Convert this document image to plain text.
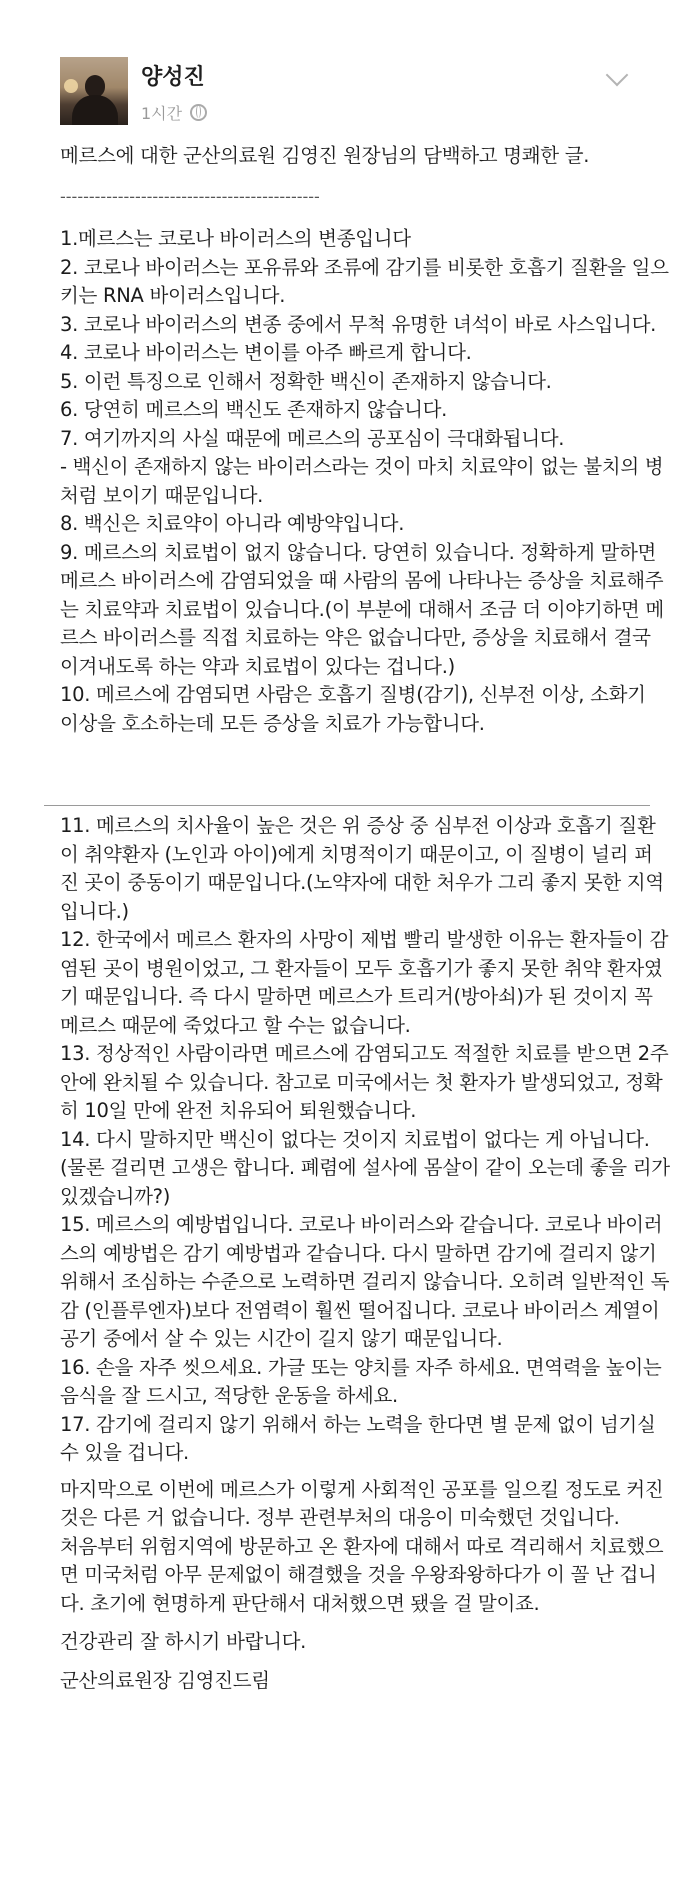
양성진
1시간

메르스에 대한 군산의료원 김영진 원장님의 담백하고 명쾌한 글.

---------------------------------------------

1.메르스는 코로나 바이러스의 변종입니다

2. 코로나 바이러스는 포유류와 조류에 감기를 비롯한 호흡기 질환을 일으키는 RNA 바이러스입니다.

3. 코로나 바이러스의 변종 중에서 무척 유명한 녀석이 바로 사스입니다.

4. 코로나 바이러스는 변이를 아주 빠르게 합니다.

5. 이런 특징으로 인해서 정확한 백신이 존재하지 않습니다.

6. 당연히 메르스의 백신도 존재하지 않습니다.

7. 여기까지의 사실 때문에 메르스의 공포심이 극대화됩니다.

- 백신이 존재하지 않는 바이러스라는 것이 마치 치료약이 없는 불치의 병처럼 보이기 때문입니다.

8. 백신은 치료약이 아니라 예방약입니다.

9. 메르스의 치료법이 없지 않습니다. 당연히 있습니다. 정확하게 말하면 메르스 바이러스에 감염되었을 때 사람의 몸에 나타나는 증상을 치료해주는 치료약과 치료법이 있습니다.(이 부분에 대해서 조금 더 이야기하면 메르스 바이러스를 직접 치료하는 약은 없습니다만, 증상을 치료해서 결국 이겨내도록 하는 약과 치료법이 있다는 겁니다.)

10. 메르스에 감염되면 사람은 호흡기 질병(감기), 신부전 이상, 소화기 이상을 호소하는데 모든 증상을 치료가 가능합니다.

11. 메르스의 치사율이 높은 것은 위 증상 중 심부전 이상과 호흡기 질환이 취약환자 (노인과 아이)에게 치명적이기 때문이고, 이 질병이 널리 퍼진 곳이 중동이기 때문입니다.(노약자에 대한 처우가 그리 좋지 못한 지역입니다.)

12. 한국에서 메르스 환자의 사망이 제법 빨리 발생한 이유는 환자들이 감염된 곳이 병원이었고, 그 환자들이 모두 호흡기가 좋지 못한 취약 환자였기 때문입니다. 즉 다시 말하면 메르스가 트리거(방아쇠)가 된 것이지 꼭 메르스 때문에 죽었다고 할 수는 없습니다.

13. 정상적인 사람이라면 메르스에 감염되고도 적절한 치료를 받으면 2주 안에 완치될 수 있습니다. 참고로 미국에서는 첫 환자가 발생되었고, 정확히 10일 만에 완전 치유되어 퇴원했습니다.

14. 다시 말하지만 백신이 없다는 것이지 치료법이 없다는 게 아닙니다.(물론 걸리면 고생은 합니다. 폐렴에 설사에 몸살이 같이 오는데 좋을 리가 있겠습니까?)

15. 메르스의 예방법입니다. 코로나 바이러스와 같습니다. 코로나 바이러스의 예방법은 감기 예방법과 같습니다. 다시 말하면 감기에 걸리지 않기 위해서 조심하는 수준으로 노력하면 걸리지 않습니다. 오히려 일반적인 독감 (인플루엔자)보다 전염력이 훨씬 떨어집니다. 코로나 바이러스 계열이 공기 중에서 살 수 있는 시간이 길지 않기 때문입니다.

16. 손을 자주 씻으세요. 가글 또는 양치를 자주 하세요. 면역력을 높이는 음식을 잘 드시고, 적당한 운동을 하세요.

17. 감기에 걸리지 않기 위해서 하는 노력을 한다면 별 문제 없이 넘기실 수 있을 겁니다.

마지막으로 이번에 메르스가 이렇게 사회적인 공포를 일으킬 정도로 커진 것은 다른 거 없습니다. 정부 관련부처의 대응이 미숙했던 것입니다.

처음부터 위험지역에 방문하고 온 환자에 대해서 따로 격리해서 치료했으면 미국처럼 아무 문제없이 해결했을 것을 우왕좌왕하다가 이 꼴 난 겁니다. 초기에 현명하게 판단해서 대처했으면 됐을 걸 말이죠.

건강관리 잘 하시기 바랍니다.

군산의료원장 김영진드림
